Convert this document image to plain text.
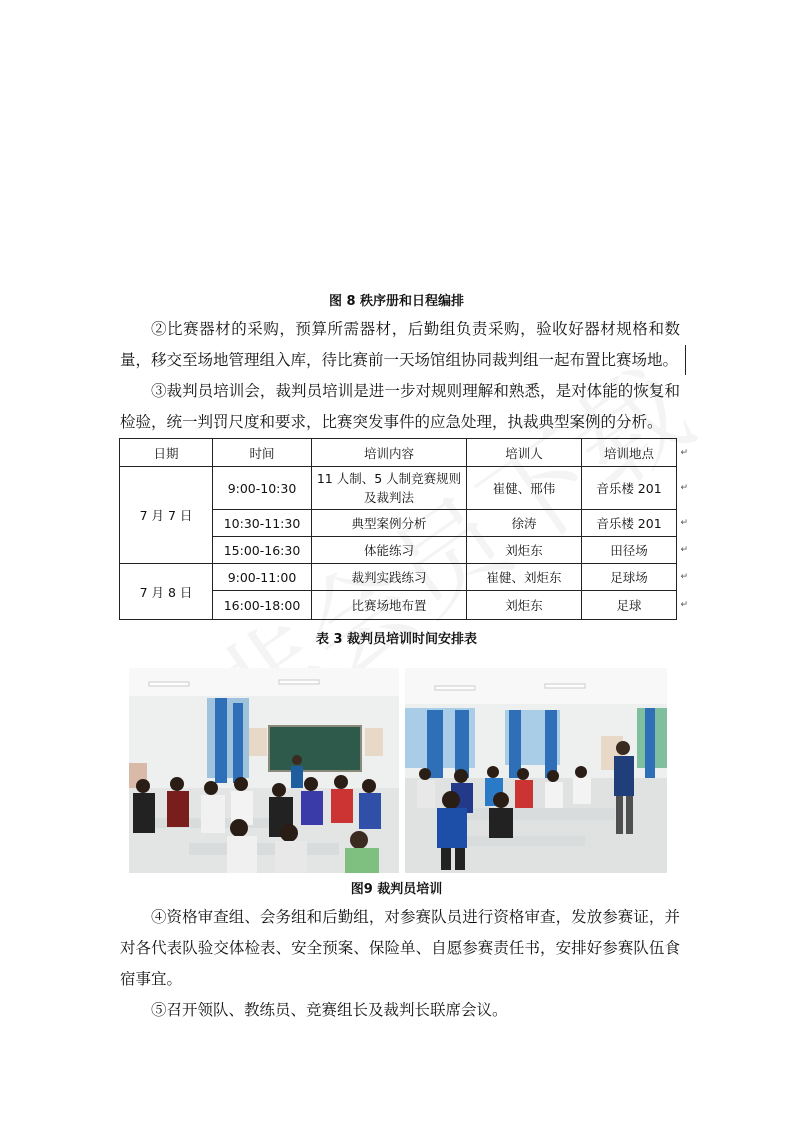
图 8 秩序册和日程编排
②比赛器材的采购，预算所需器材，后勤组负责采购，验收好器材规格和数量，移交至场地管理组入库，待比赛前一天场馆组协同裁判组一起布置比赛场地。
③裁判员培训会，裁判员培训是进一步对规则理解和熟悉，是对体能的恢复和检验，统一判罚尺度和要求，比赛突发事件的应急处理，执裁典型案例的分析。
日期	时间	培训内容	培训人	培训地点 ↵

7 月 7 日	9:00-10:30	11 人制、5 人制竞赛规则及裁判法	崔健、邢伟	音乐楼 201 ↵

	10:30-11:30	典型案例分析	徐涛	音乐楼 201 ↵

	15:00-16:30	体能练习	刘炬东	田径场 ↵

7 月 8 日	9:00-11:00	裁判实践练习	崔健、刘炬东	足球场 ↵

	16:00-18:00	比赛场地布置	刘炬东	足球 ↵
表 3 裁判员培训时间安排表
图9 裁判员培训
④资格审查组、会务组和后勤组，对参赛队员进行资格审查，发放参赛证，并对各代表队验交体检表、安全预案、保险单、自愿参赛责任书，安排好参赛队伍食宿事宜。
⑤召开领队、教练员、竞赛组长及裁判长联席会议。
